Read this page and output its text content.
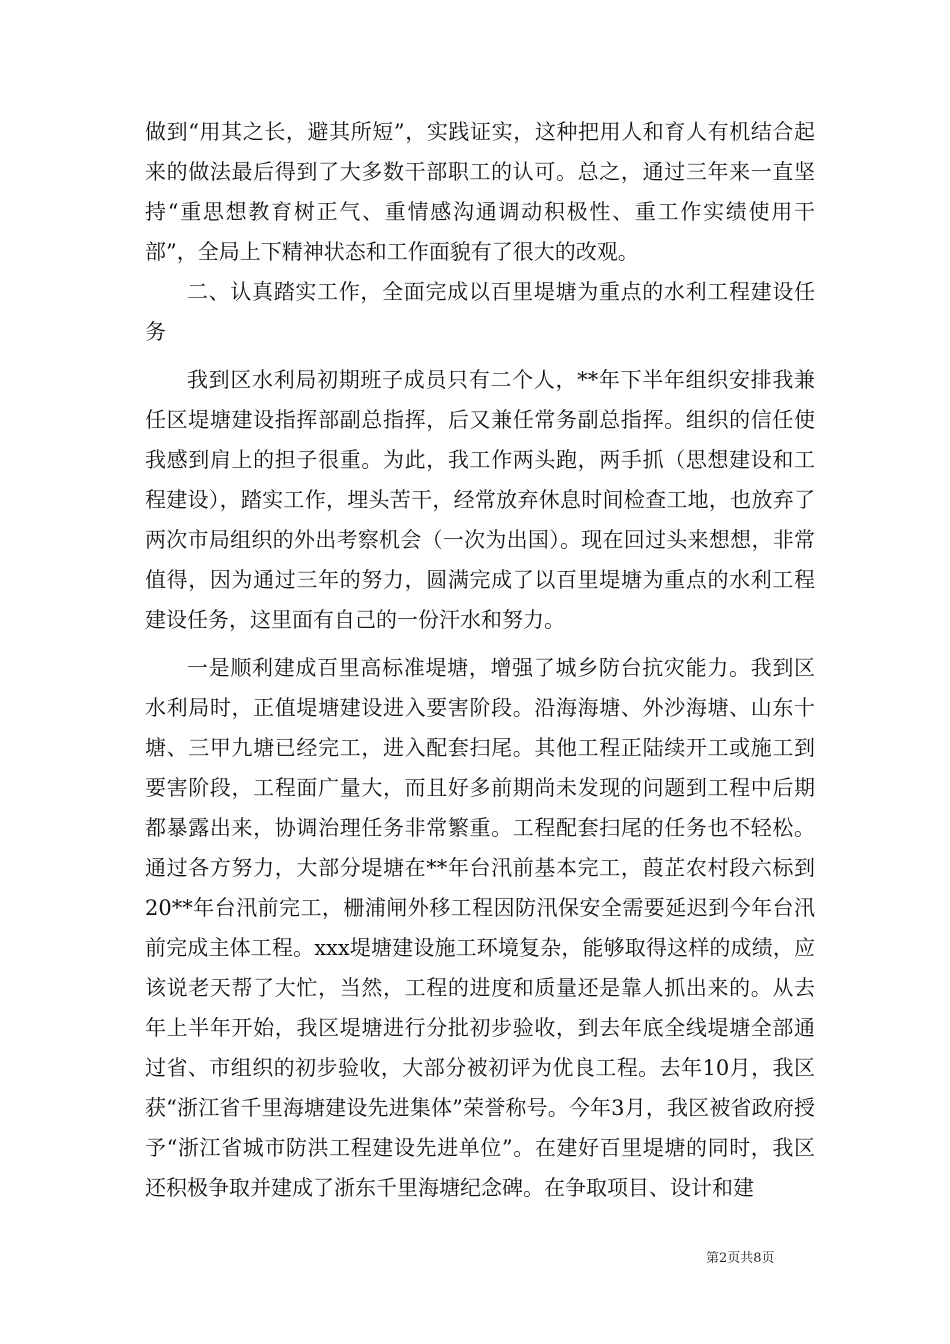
做到“用其之长，避其所短”，实践证实，这种把用人和育人有机结合起来的做法最后得到了大多数干部职工的认可。总之，通过三年来一直坚持“重思想教育树正气、重情感沟通调动积极性、重工作实绩使用干部”，全局上下精神状态和工作面貌有了很大的改观。

二、认真踏实工作，全面完成以百里堤塘为重点的水利工程建设任务

我到区水利局初期班子成员只有二个人，**年下半年组织安排我兼任区堤塘建设指挥部副总指挥，后又兼任常务副总指挥。组织的信任使我感到肩上的担子很重。为此，我工作两头跑，两手抓（思想建设和工程建设），踏实工作，埋头苦干，经常放弃休息时间检查工地，也放弃了两次市局组织的外出考察机会（一次为出国）。现在回过头来想想，非常值得，因为通过三年的努力，圆满完成了以百里堤塘为重点的水利工程建设任务，这里面有自己的一份汗水和努力。

一是顺利建成百里高标准堤塘，增强了城乡防台抗灾能力。我到区水利局时，正值堤塘建设进入要害阶段。沿海海塘、外沙海塘、山东十塘、三甲九塘已经完工，进入配套扫尾。其他工程正陆续开工或施工到要害阶段，工程面广量大，而且好多前期尚未发现的问题到工程中后期都暴露出来，协调治理任务非常繁重。工程配套扫尾的任务也不轻松。通过各方努力，大部分堤塘在**年台汛前基本完工，葭芷农村段六标到20**年台汛前完工，栅浦闸外移工程因防汛保安全需要延迟到今年台汛前完成主体工程。xxx堤塘建设施工环境复杂，能够取得这样的成绩，应该说老天帮了大忙，当然，工程的进度和质量还是靠人抓出来的。从去年上半年开始，我区堤塘进行分批初步验收，到去年底全线堤塘全部通过省、市组织的初步验收，大部分被初评为优良工程。去年10月，我区获“浙江省千里海塘建设先进集体”荣誉称号。今年3月，我区被省政府授予“浙江省城市防洪工程建设先进单位”。在建好百里堤塘的同时，我区还积极争取并建成了浙东千里海塘纪念碑。在争取项目、设计和建

第2页共8页
